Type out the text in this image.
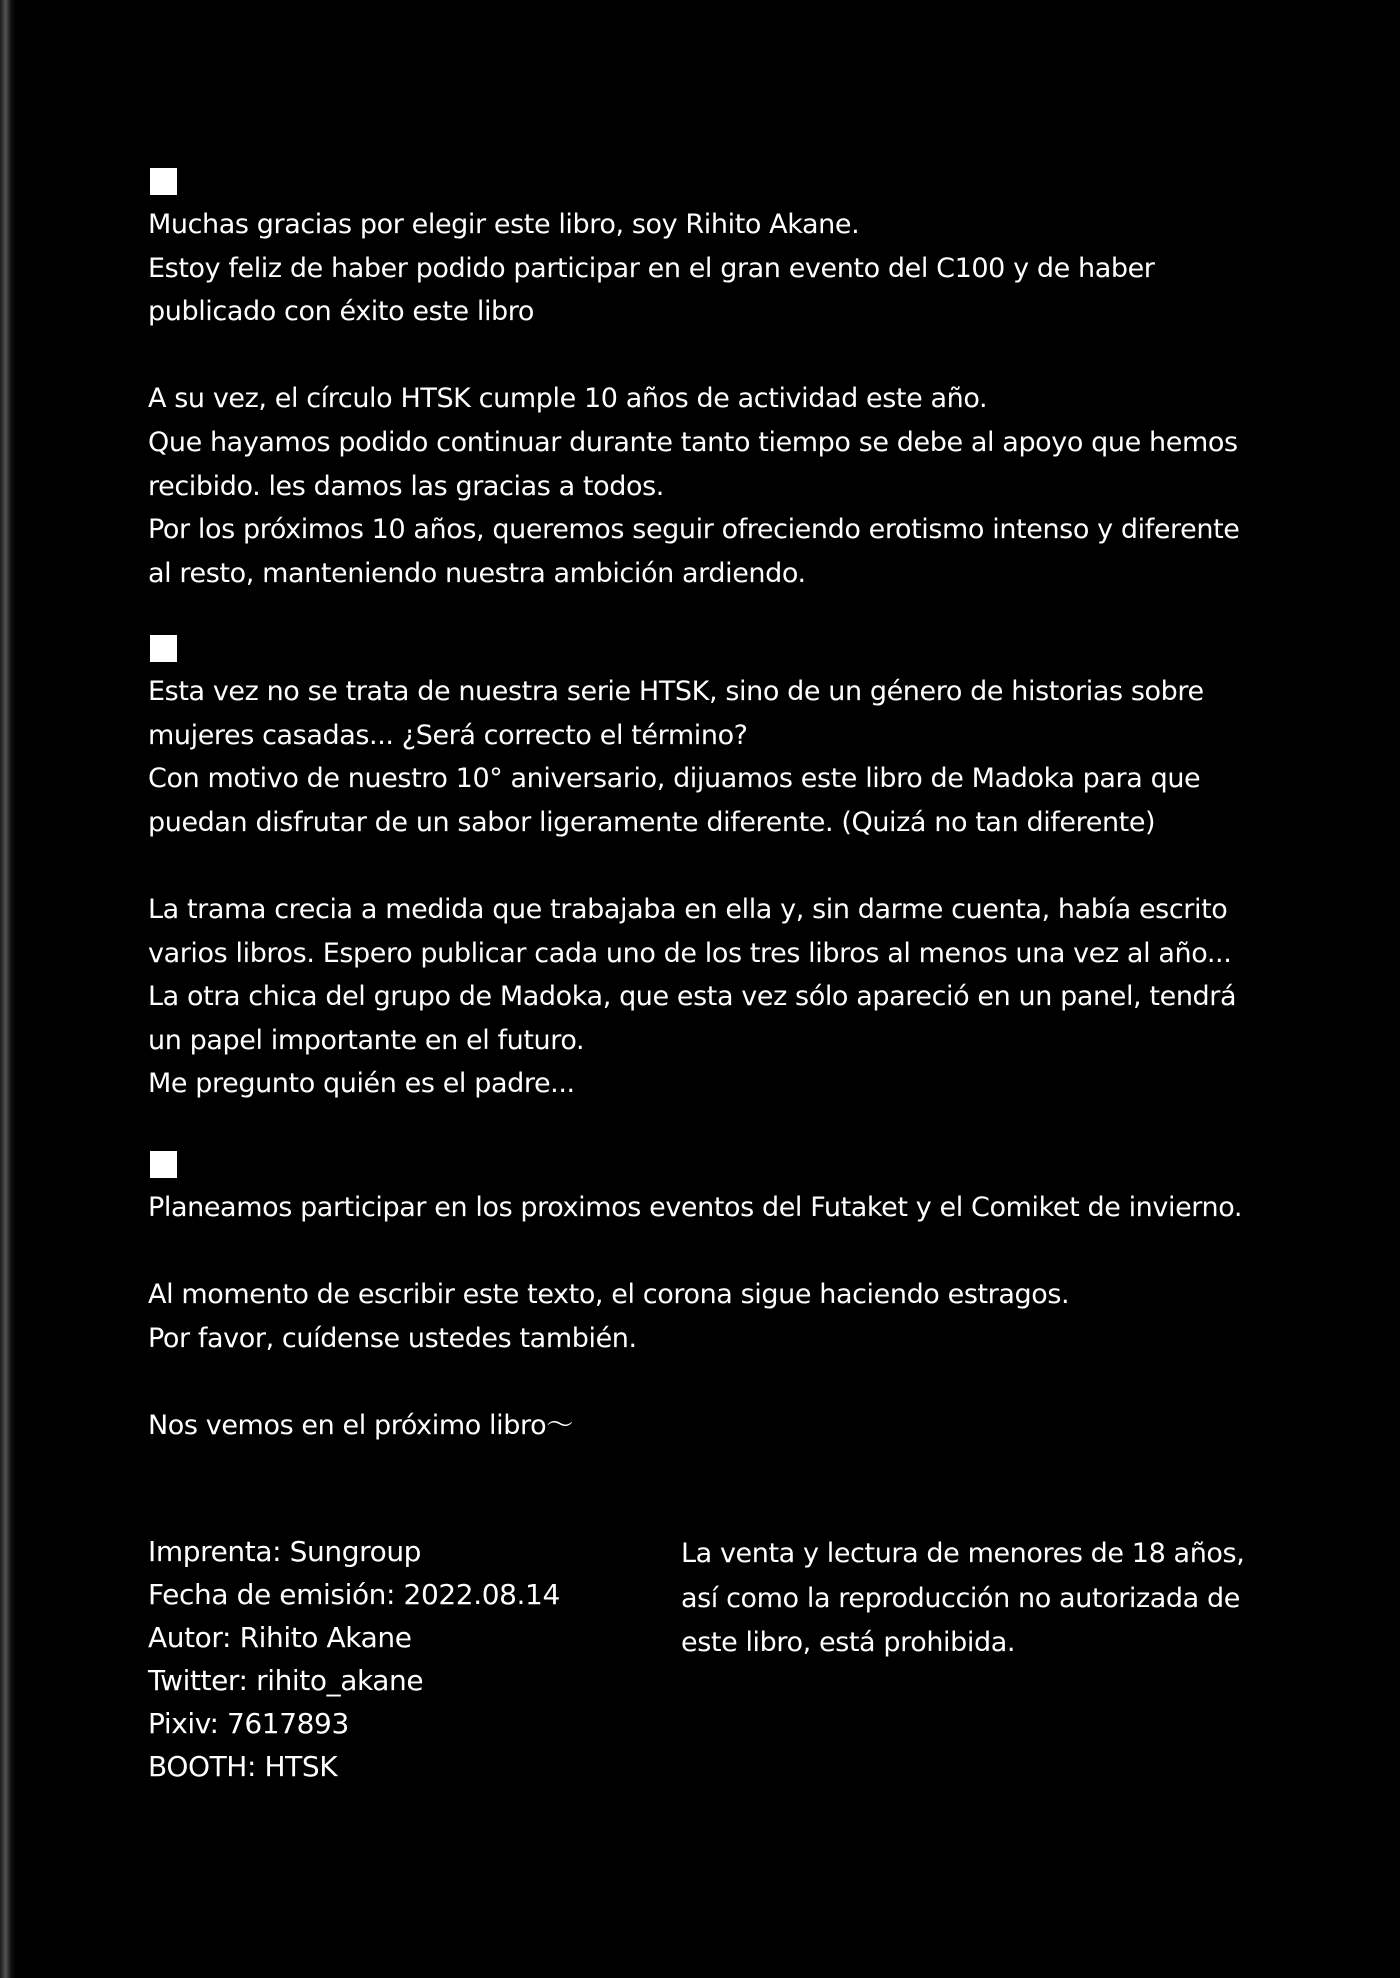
Muchas gracias por elegir este libro, soy Rihito Akane.
Estoy feliz de haber podido participar en el gran evento del C100 y de haber
publicado con éxito este libro
A su vez, el círculo HTSK cumple 10 años de actividad este año.
Que hayamos podido continuar durante tanto tiempo se debe al apoyo que hemos
recibido. les damos las gracias a todos.
Por los próximos 10 años, queremos seguir ofreciendo erotismo intenso y diferente
al resto, manteniendo nuestra ambición ardiendo.
Esta vez no se trata de nuestra serie HTSK, sino de un género de historias sobre
mujeres casadas... ¿Será correcto el término?
Con motivo de nuestro 10° aniversario, dijuamos este libro de Madoka para que
puedan disfrutar de un sabor ligeramente diferente. (Quizá no tan diferente)
La trama crecia a medida que trabajaba en ella y, sin darme cuenta, había escrito
varios libros. Espero publicar cada uno de los tres libros al menos una vez al año...
La otra chica del grupo de Madoka, que esta vez sólo apareció en un panel, tendrá
un papel importante en el futuro.
Me pregunto quién es el padre...
Planeamos participar en los proximos eventos del Futaket y el Comiket de invierno.
Al momento de escribir este texto, el corona sigue haciendo estragos.
Por favor, cuídense ustedes también.
Nos vemos en el próximo libro～
Imprenta: Sungroup
Fecha de emisión: 2022.08.14
Autor: Rihito Akane
Twitter: rihito_akane
Pixiv: 7617893
BOOTH: HTSK
La venta y lectura de menores de 18 años,
así como la reproducción no autorizada de
este libro, está prohibida.
